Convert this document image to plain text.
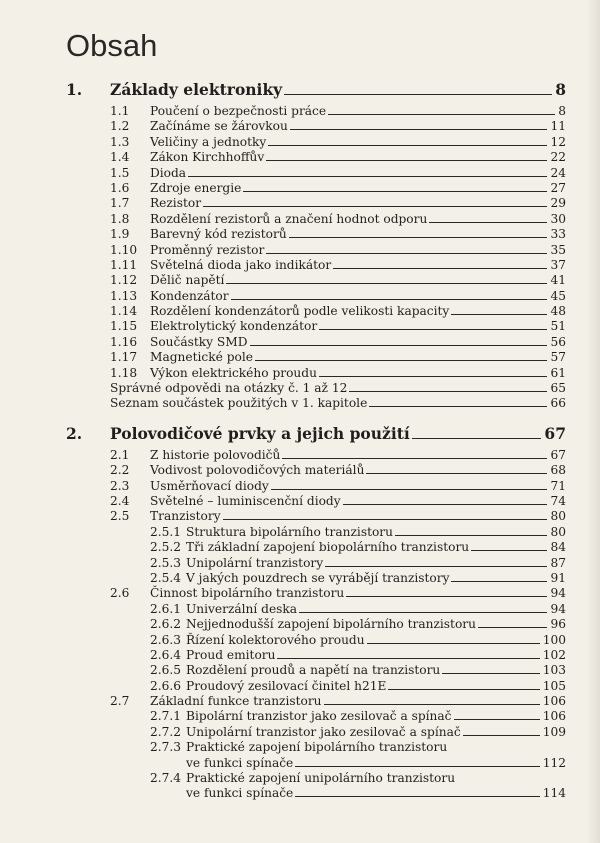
Obsah
1. Základy elektroniky	8
1.1 Poučení o bezpečnosti práce	8
1.2 Začínáme se žárovkou	11
1.3 Veličiny a jednotky	12
1.4 Zákon Kirchhoffův	22
1.5 Dioda	24
1.6 Zdroje energie	27
1.7 Rezistor	29
1.8 Rozdělení rezistorů a značení hodnot odporu	30
1.9 Barevný kód rezistorů	33
1.10 Proměnný rezistor	35
1.11 Světelná dioda jako indikátor	37
1.12 Dělič napětí	41
1.13 Kondenzátor	45
1.14 Rozdělení kondenzátorů podle velikosti kapacity	48
1.15 Elektrolytický kondenzátor	51
1.16 Součástky SMD	56
1.17 Magnetické pole	57
1.18 Výkon elektrického proudu	61
Správné odpovědi na otázky č. 1 až 12	65
Seznam součástek použitých v 1. kapitole	66
2. Polovodičové prvky a jejich použití	67
2.1 Z historie polovodičů	67
2.2 Vodivost polovodičových materiálů	68
2.3 Usměrňovací diody	71
2.4 Světelné – luminiscenční diody	74
2.5 Tranzistory	80
2.5.1 Struktura bipolárního tranzistoru	80
2.5.2 Tři základní zapojení biopolárního tranzistoru	84
2.5.3 Unipolární tranzistory	87
2.5.4 V jakých pouzdrech se vyrábějí tranzistory	91
2.6 Činnost bipolárního tranzistoru	94
2.6.1 Univerzální deska	94
2.6.2 Nejjednodušší zapojení bipolárního tranzistoru	96
2.6.3 Řízení kolektorového proudu	100
2.6.4 Proud emitoru	102
2.6.5 Rozdělení proudů a napětí na tranzistoru	103
2.6.6 Proudový zesilovací činitel h21E	105
2.7 Základní funkce tranzistoru	106
2.7.1 Bipolární tranzistor jako zesilovač a spínač	106
2.7.2 Unipolární tranzistor jako zesilovač a spínač	109
2.7.3 Praktické zapojení bipolárního tranzistoru
ve funkci spínače	112
2.7.4 Praktické zapojení unipolárního tranzistoru
ve funkci spínače	114
